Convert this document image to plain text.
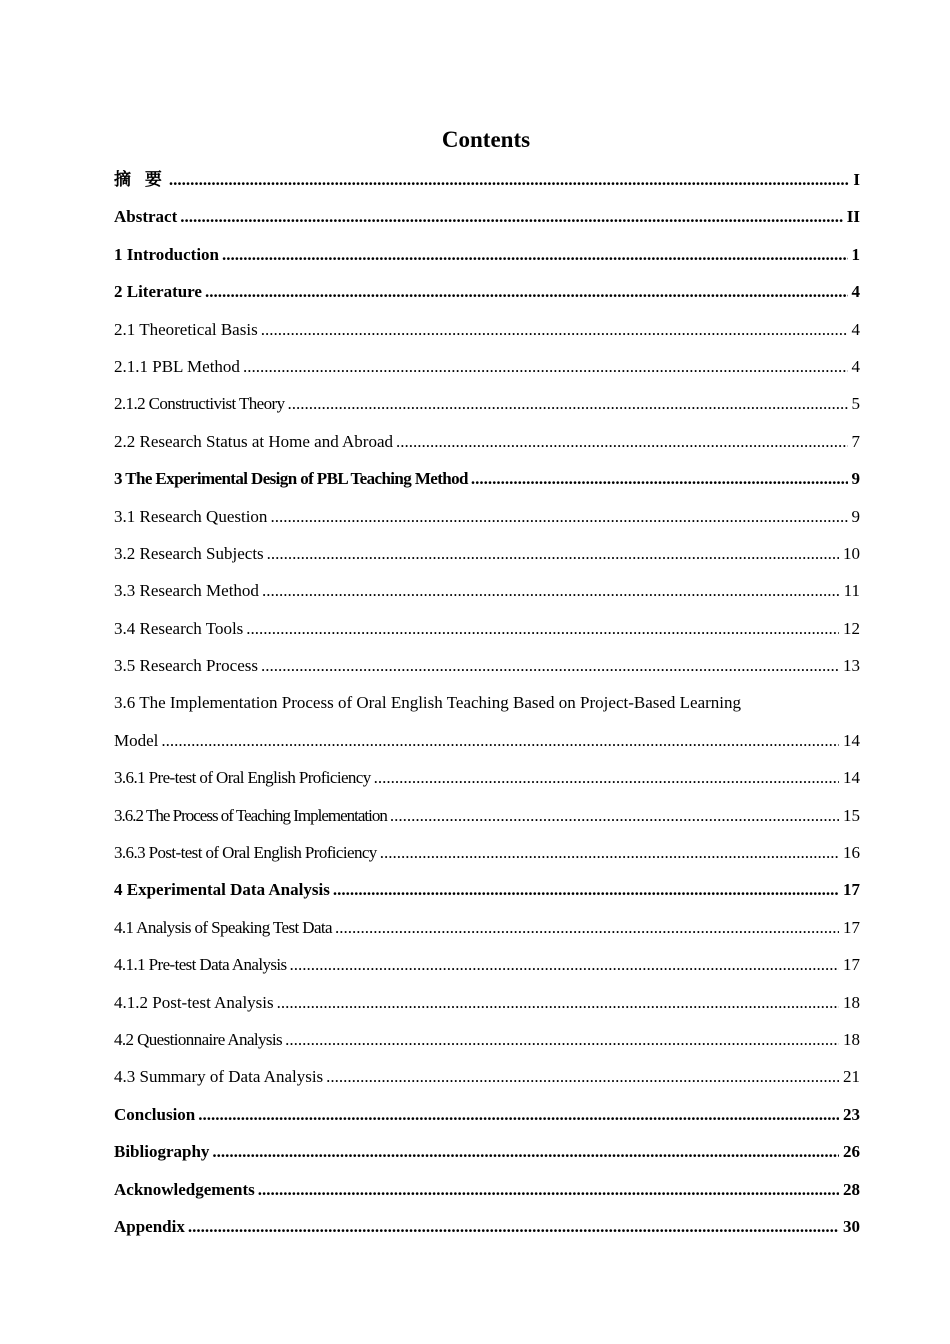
Contents
摘 要 .....	I
Abstract .....	II
1 Introduction .....	1
2 Literature .....	4
2.1 Theoretical Basis .....	4
2.1.1 PBL Method .....	4
2.1.2 Constructivist Theory .....	5
2.2 Research Status at Home and Abroad .....	7
3 The Experimental Design of PBL Teaching Method .....	9
3.1 Research Question .....	9
3.2 Research Subjects .....	10
3.3 Research Method .....	11
3.4 Research Tools .....	12
3.5 Research Process .....	13
3.6 The Implementation Process of Oral English Teaching Based on Project-Based Learning
Model .....	14
3.6.1 Pre-test of Oral English Proficiency .....	14
3.6.2 The Process of Teaching Implementation .....	15
3.6.3 Post-test of Oral English Proficiency .....	16
4 Experimental Data Analysis .....	17
4.1 Analysis of Speaking Test Data .....	17
4.1.1 Pre-test Data Analysis .....	17
4.1.2 Post-test Analysis .....	18
4.2 Questionnaire Analysis .....	18
4.3 Summary of Data Analysis .....	21
Conclusion .....	23
Bibliography .....	26
Acknowledgements .....	28
Appendix .....	30
